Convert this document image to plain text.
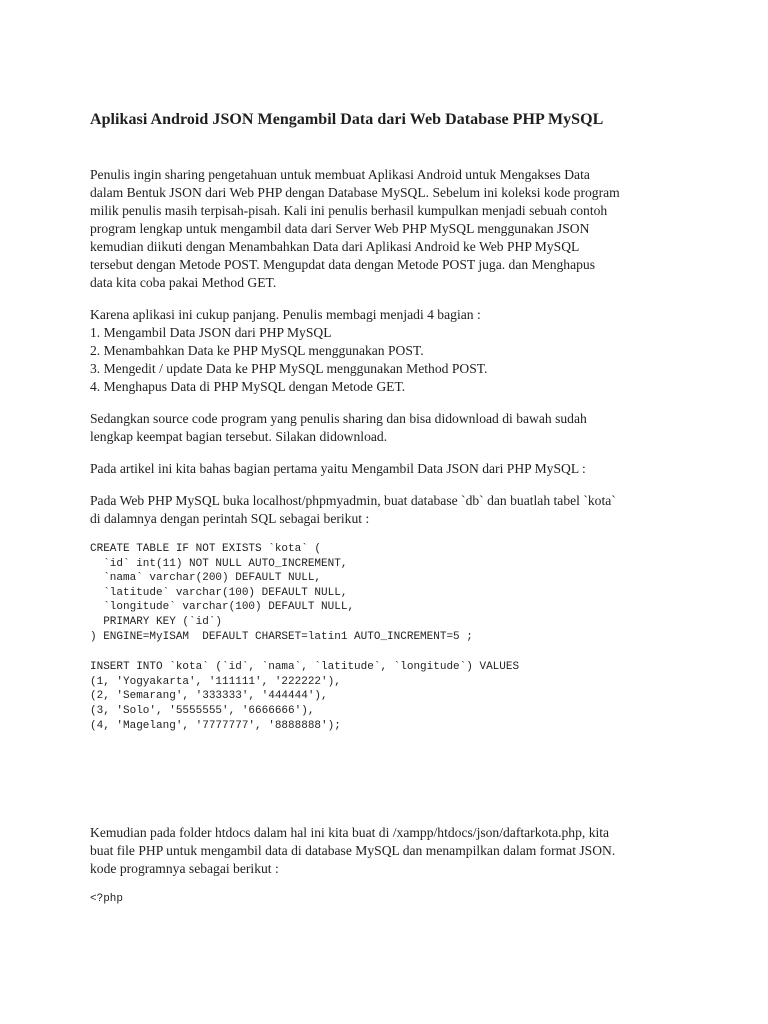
Aplikasi Android JSON Mengambil Data dari Web Database PHP MySQL

Penulis ingin sharing pengetahuan untuk membuat Aplikasi Android untuk Mengakses Data
dalam Bentuk JSON dari Web PHP dengan Database MySQL. Sebelum ini koleksi kode program
milik penulis masih terpisah-pisah. Kali ini penulis berhasil kumpulkan menjadi sebuah contoh
program lengkap untuk mengambil data dari Server Web PHP MySQL menggunakan JSON
kemudian diikuti dengan Menambahkan Data dari Aplikasi Android ke Web PHP MySQL
tersebut dengan Metode POST. Mengupdat data dengan Metode POST juga. dan Menghapus
data kita coba pakai Method GET.

Karena aplikasi ini cukup panjang. Penulis membagi menjadi 4 bagian :

1. Mengambil Data JSON dari PHP MySQL
2. Menambahkan Data ke PHP MySQL menggunakan POST.
3. Mengedit / update Data ke PHP MySQL menggunakan Method POST.
4. Menghapus Data di PHP MySQL dengan Metode GET.

Sedangkan source code program yang penulis sharing dan bisa didownload di bawah sudah
lengkap keempat bagian tersebut. Silakan didownload.

Pada artikel ini kita bahas bagian pertama yaitu Mengambil Data JSON dari PHP MySQL :

Pada Web PHP MySQL buka localhost/phpmyadmin, buat database `db` dan buatlah tabel `kota`
di dalamnya dengan perintah SQL sebagai berikut :

CREATE TABLE IF NOT EXISTS `kota` (
`id` int(11) NOT NULL AUTO_INCREMENT,
`nama` varchar(200) DEFAULT NULL,
`latitude` varchar(100) DEFAULT NULL,
`longitude` varchar(100) DEFAULT NULL,
PRIMARY KEY (`id`)
) ENGINE=MyISAM  DEFAULT CHARSET=latin1 AUTO_INCREMENT=5 ;
INSERT INTO `kota` (`id`, `nama`, `latitude`, `longitude`) VALUES
(1, 'Yogyakarta', '111111', '222222'),
(2, 'Semarang', '333333', '444444'),
(3, 'Solo', '5555555', '6666666'),
(4, 'Magelang', '7777777', '8888888');

Kemudian pada folder htdocs dalam hal ini kita buat di /xampp/htdocs/json/daftarkota.php, kita
buat file PHP untuk mengambil data di database MySQL dan menampilkan dalam format JSON.
kode programnya sebagai berikut :

<?php
